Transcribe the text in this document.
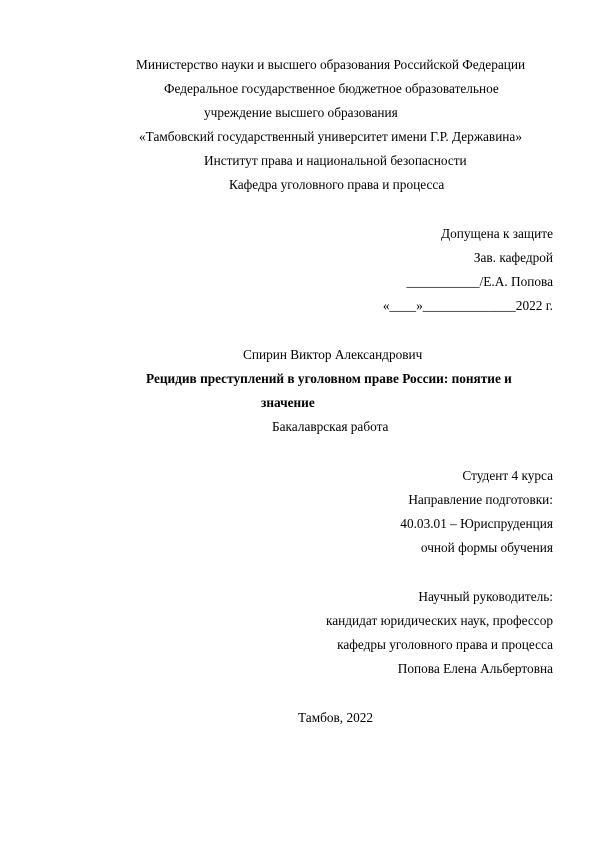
Министерство науки и высшего образования Российской Федерации
Федеральное государственное бюджетное образовательное
учреждение высшего образования
«Тамбовский государственный университет имени Г.Р. Державина»
Институт права и национальной безопасности
Кафедра уголовного права и процесса
Допущена к защите
Зав. кафедрой
___________/Е.А. Попова
«____»______________2022 г.
Спирин Виктор Александрович
Рецидив преступлений в уголовном праве России: понятие и
значение
Бакалаврская работа
Студент 4 курса
Направление подготовки:
40.03.01 – Юриспруденция
очной формы обучения
Научный руководитель:
кандидат юридических наук, профессор
кафедры уголовного права и процесса
Попова Елена Альбертовна
Тамбов, 2022
